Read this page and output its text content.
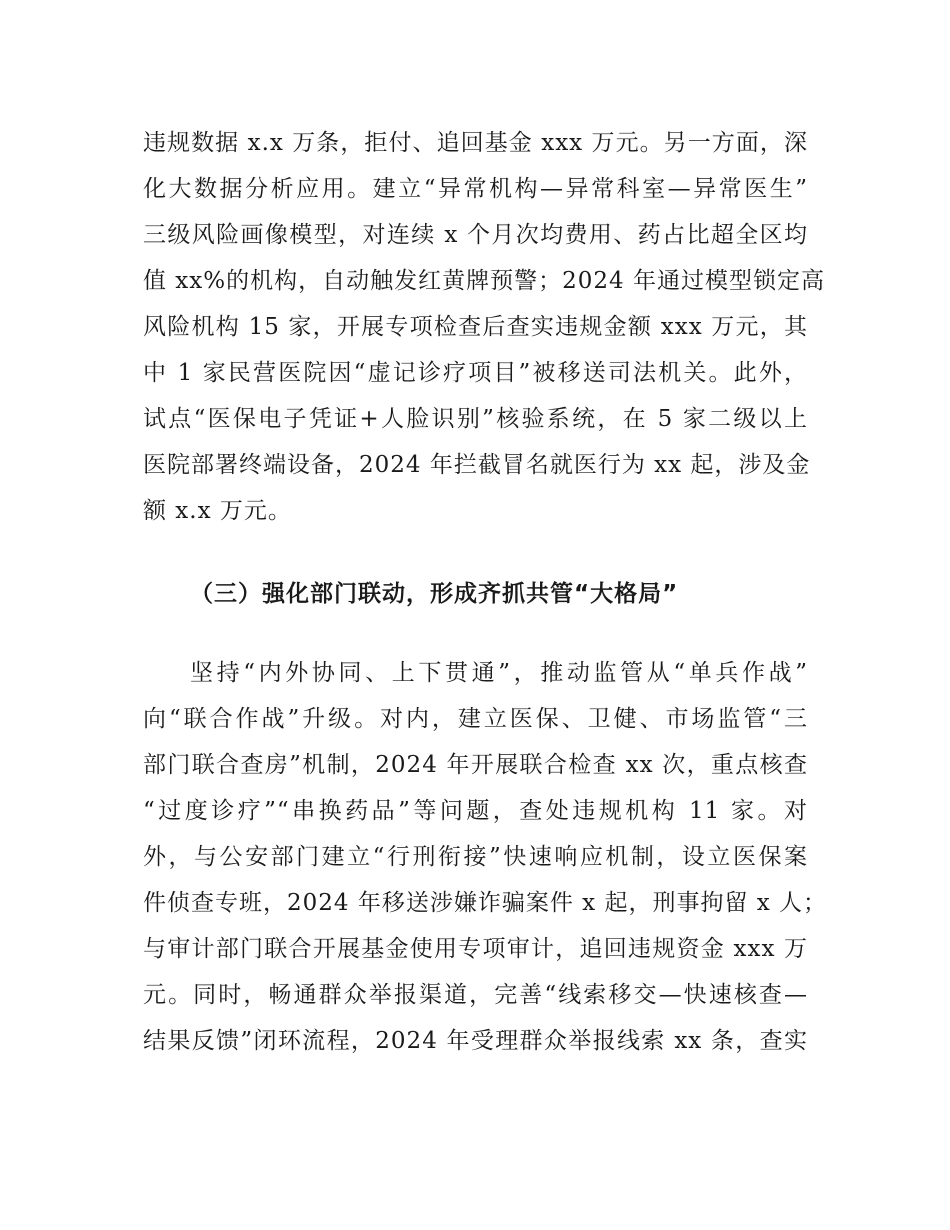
违规数据 x.x 万条，拒付、追回基金 xxx 万元。另一方面，深
化大数据分析应用。建立“异常机构—异常科室—异常医生”
三级风险画像模型，对连续 x 个月次均费用、药占比超全区均
值 xx%的机构，自动触发红黄牌预警；2024 年通过模型锁定高
风险机构 15 家，开展专项检查后查实违规金额 xxx 万元，其
中 1 家民营医院因“虚记诊疗项目”被移送司法机关。此外，
试点“医保电子凭证+人脸识别”核验系统，在 5 家二级以上
医院部署终端设备，2024 年拦截冒名就医行为 xx 起，涉及金
额 x.x 万元。
（三）强化部门联动，形成齐抓共管“大格局”
坚持“内外协同、上下贯通”，推动监管从“单兵作战”
向“联合作战”升级。对内，建立医保、卫健、市场监管“三
部门联合查房”机制，2024 年开展联合检查 xx 次，重点核查
“过度诊疗”“串换药品”等问题，查处违规机构 11 家。对
外，与公安部门建立“行刑衔接”快速响应机制，设立医保案
件侦查专班，2024 年移送涉嫌诈骗案件 x 起，刑事拘留 x 人；
与审计部门联合开展基金使用专项审计，追回违规资金 xxx 万
元。同时，畅通群众举报渠道，完善“线索移交—快速核查—
结果反馈”闭环流程，2024 年受理群众举报线索 xx 条，查实
